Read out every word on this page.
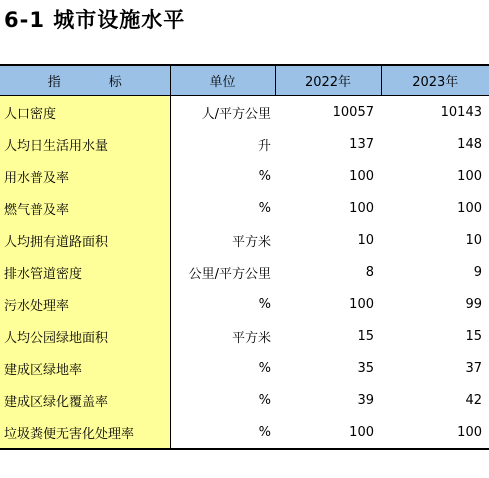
6-1 城市设施水平
指 标	单位	2022年	2023年
人口密度	人/平方公里	10057	10143
人均日生活用水量	升	137	148
用水普及率	%	100	100
燃气普及率	%	100	100
人均拥有道路面积	平方米	10	10
排水管道密度	公里/平方公里	8	9
污水处理率	%	100	99
人均公园绿地面积	平方米	15	15
建成区绿地率	%	35	37
建成区绿化覆盖率	%	39	42
垃圾粪便无害化处理率	%	100	100
